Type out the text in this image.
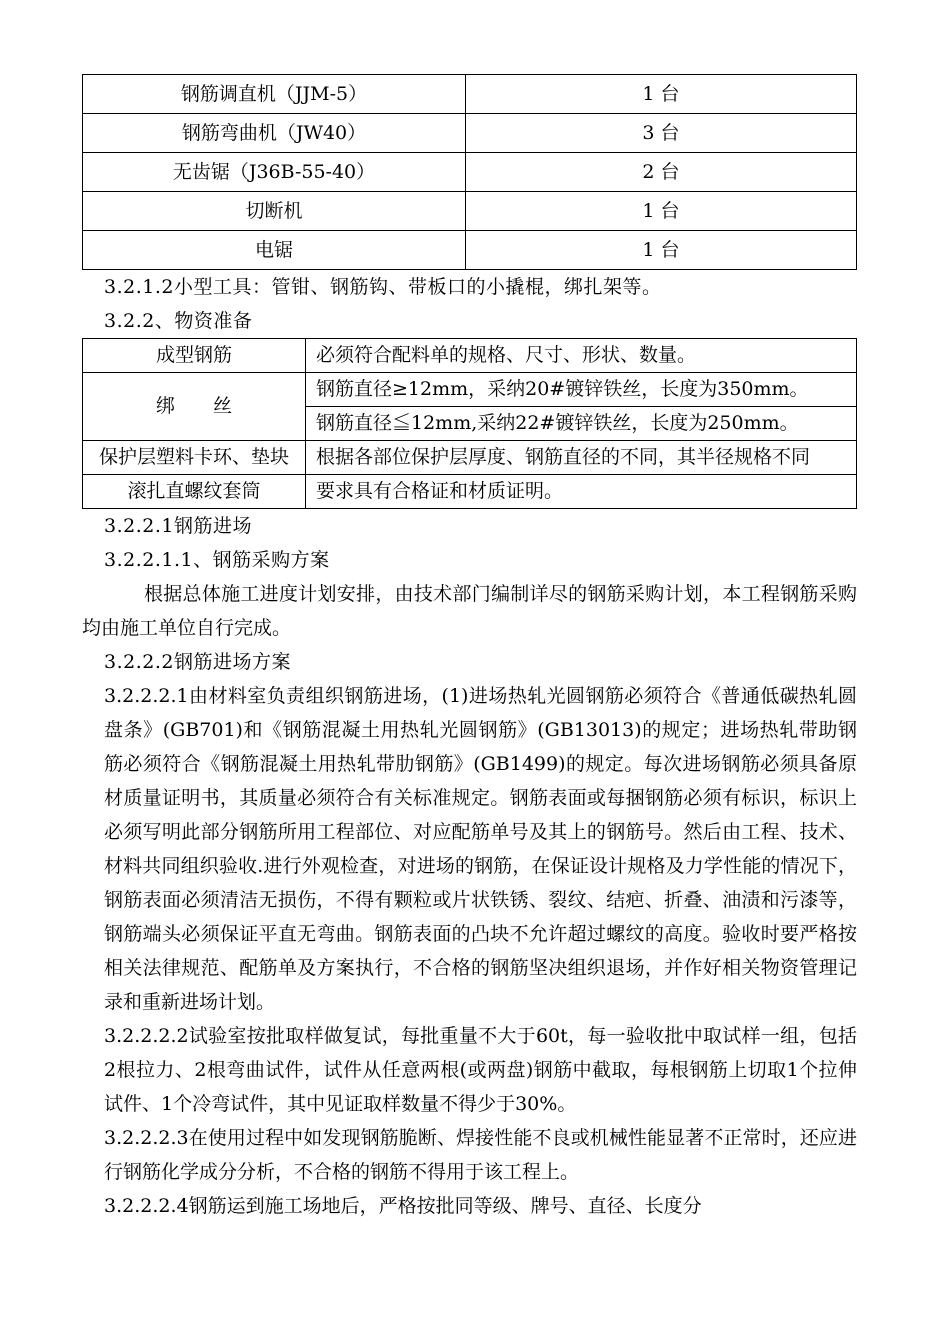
钢筋调直机（JJM-5）	1 台
钢筋弯曲机（JW40）	3 台
无齿锯（J36B-55-40）	2 台
切断机	1 台
电锯	1 台
3.2.1.2小型工具：管钳、钢筋钩、带板口的小撬棍，绑扎架等。
3.2.2、物资准备
成型钢筋	必须符合配料单的规格、尺寸、形状、数量。
绑　　丝	钢筋直径≥12mm，采纳20#镀锌铁丝，长度为350mm。
	钢筋直径≦12mm,采纳22#镀锌铁丝，长度为250mm。
保护层塑料卡环、垫块	根据各部位保护层厚度、钢筋直径的不同，其半径规格不同
滚扎直螺纹套筒	要求具有合格证和材质证明。
3.2.2.1钢筋进场
3.2.2.1.1、钢筋采购方案
根据总体施工进度计划安排，由技术部门编制详尽的钢筋采购计划，本工程钢筋采购均由施工单位自行完成。
3.2.2.2钢筋进场方案
3.2.2.2.1由材料室负责组织钢筋进场，(1)进场热轧光圆钢筋必须符合《普通低碳热轧圆盘条》(GB701)和《钢筋混凝土用热轧光圆钢筋》(GB13013)的规定；进场热轧带助钢筋必须符合《钢筋混凝土用热轧带肋钢筋》(GB1499)的规定。每次进场钢筋必须具备原材质量证明书，其质量必须符合有关标准规定。钢筋表面或每捆钢筋必须有标识，标识上必须写明此部分钢筋所用工程部位、对应配筋单号及其上的钢筋号。然后由工程、技术、材料共同组织验收.进行外观检查，对进场的钢筋，在保证设计规格及力学性能的情况下，钢筋表面必须清洁无损伤，不得有颗粒或片状铁锈、裂纹、结疤、折叠、油渍和污漆等，钢筋端头必须保证平直无弯曲。钢筋表面的凸块不允许超过螺纹的高度。验收时要严格按相关法律规范、配筋单及方案执行，不合格的钢筋坚决组织退场，并作好相关物资管理记录和重新进场计划。
3.2.2.2.2试验室按批取样做复试，每批重量不大于60t，每一验收批中取试样一组，包括2根拉力、2根弯曲试件，试件从任意两根(或两盘)钢筋中截取，每根钢筋上切取1个拉伸试件、1个冷弯试件，其中见证取样数量不得少于30%。
3.2.2.2.3在使用过程中如发现钢筋脆断、焊接性能不良或机械性能显著不正常时，还应进行钢筋化学成分分析，不合格的钢筋不得用于该工程上。
3.2.2.2.4钢筋运到施工场地后，严格按批同等级、牌号、直径、长度分
